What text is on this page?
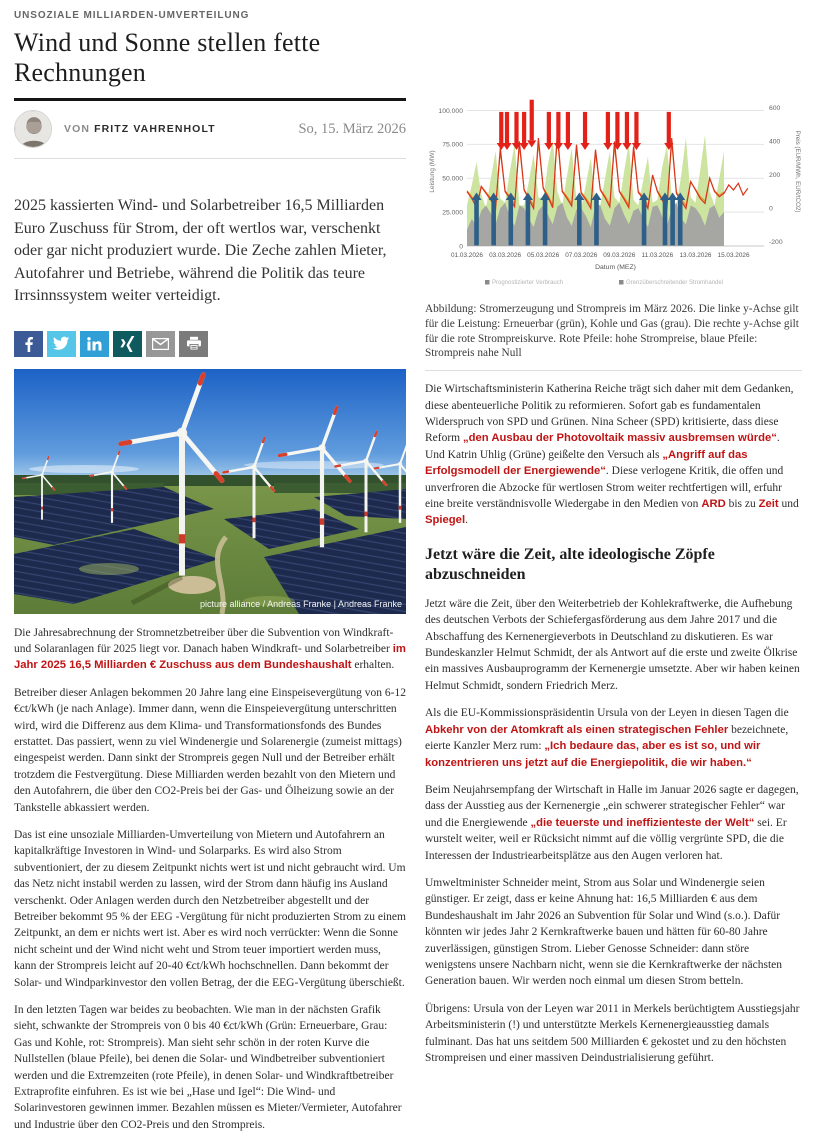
UNSOZIALE MILLIARDEN-UMVERTEILUNG
Wind und Sonne stellen fette Rechnungen
VON FRITZ VAHRENHOLT	So, 15. März 2026

2025 kassierten Wind- und Solarbetreiber 16,5 Milliarden Euro Zuschuss für Strom, der oft wertlos war, verschenkt oder gar nicht produziert wurde. Die Zeche zahlen Mieter, Autofahrer und Betriebe, während die Politik das teure Irrsinnssystem weiter verteidigt.

picture alliance / Andreas Franke | Andreas Franke

Die Jahresabrechnung der Stromnetzbetreiber über die Subvention von Windkraft- und Solaranlagen für 2025 liegt vor. Danach haben Windkraft- und Solarbetreiber im Jahr 2025 16,5 Milliarden € Zuschuss aus dem Bundeshaushalt erhalten.

Betreiber dieser Anlagen bekommen 20 Jahre lang eine Einspeisevergütung von 6-12 €ct/kWh (je nach Anlage). Immer dann, wenn die Einspeievergütung unterschritten wird, wird die Differenz aus dem Klima- und Transformationsfonds des Bundes erstattet. Das passiert, wenn zu viel Windenergie und Solarenergie (zumeist mittags) eingespeist werden. Dann sinkt der Strompreis gegen Null und der Betreiber erhält trotzdem die Festvergütung. Diese Milliarden werden bezahlt von den Mietern und den Autofahrern, die über den CO2-Preis bei der Gas- und Ölheizung sowie an der Tankstelle abkassiert werden.

Das ist eine unsoziale Milliarden-Umverteilung von Mietern und Autofahrern an kapitalkräftige Investoren in Wind- und Solarparks. Es wird also Strom subventioniert, der zu diesem Zeitpunkt nichts wert ist und nicht gebraucht wird. Um das Netz nicht instabil werden zu lassen, wird der Strom dann häufig ins Ausland verschenkt. Oder Anlagen werden durch den Netzbetreiber abgestellt und der Betreiber bekommt 95 % der EEG -Vergütung für nicht produzierten Strom zu einem Zeitpunkt, an dem er nichts wert ist. Aber es wird noch verrückter: Wenn die Sonne nicht scheint und der Wind nicht weht und Strom teuer importiert werden muss, kann der Strompreis leicht auf 20-40 €ct/kWh hochschnellen. Dann bekommt der Solar- und Windparkinvestor den vollen Betrag, der die EEG-Vergütung überschießt.

In den letzten Tagen war beides zu beobachten. Wie man in der nächsten Grafik sieht, schwankte der Strompreis von 0 bis 40 €ct/kWh (Grün: Erneuerbare, Grau: Gas und Kohle, rot: Strompreis). Man sieht sehr schön in der roten Kurve die Nullstellen (blaue Pfeile), bei denen die Solar- und Windbetreiber subventioniert werden und die Extremzeiten (rote Pfeile), in denen Solar- und Windkraftbetreiber Extraprofite einfuhren. Es ist wie bei „Hase und Igel“: Die Wind- und Solarinvestoren gewinnen immer. Bezahlen müssen es Mieter/Vermieter, Autofahrer und Industrie über den CO2-Preis und den Strompreis.

0
25.000
50.000
75.000
100.000
-200
0
200
400
600
01.03.2026 03.03.2026 05.03.2026 07.03.2026 09.03.2026 11.03.2026 13.03.2026 15.03.2026
Datum (MEZ)
Leistung (MW)	Preis (EUR/MWh, EUR/tCO2)
Prognostizierter Verbrauch	Grenzüberschreitender Stromhandel
Abbildung: Stromerzeugung und Strompreis im März 2026. Die linke y-Achse gilt für die Leistung: Erneuerbar (grün), Kohle und Gas (grau). Die rechte y-Achse gilt für die rote Strompreiskurve. Rote Pfeile: hohe Strompreise, blaue Pfeile: Strompreis nahe Null

Die Wirtschaftsministerin Katherina Reiche trägt sich daher mit dem Gedanken, diese abenteuerliche Politik zu reformieren. Sofort gab es fundamentalen Widerspruch von SPD und Grünen. Nina Scheer (SPD) kritisierte, dass diese Reform „den Ausbau der Photovoltaik massiv ausbremsen würde“. Und Katrin Uhlig (Grüne) geißelte den Versuch als „Angriff auf das Erfolgsmodell der Energiewende“. Diese verlogene Kritik, die offen und unverfroren die Abzocke für wertlosen Strom weiter rechtfertigen will, erfuhr eine breite verständnisvolle Wiedergabe in den Medien von ARD bis zu Zeit und Spiegel.

Jetzt wäre die Zeit, alte ideologische Zöpfe abzuschneiden

Jetzt wäre die Zeit, über den Weiterbetrieb der Kohlekraftwerke, die Aufhebung des deutschen Verbots der Schiefergasförderung aus dem Jahre 2017 und die Abschaffung des Kernenergieverbots in Deutschland zu diskutieren. Es war Bundeskanzler Helmut Schmidt, der als Antwort auf die erste und zweite Ölkrise ein massives Ausbauprogramm der Kernenergie umsetzte. Aber wir haben keinen Helmut Schmidt, sondern Friedrich Merz.

Als die EU-Kommissionspräsidentin Ursula von der Leyen in diesen Tagen die Abkehr von der Atomkraft als einen strategischen Fehler bezeichnete, eierte Kanzler Merz rum: „Ich bedaure das, aber es ist so, und wir konzentrieren uns jetzt auf die Energiepolitik, die wir haben.“

Beim Neujahrsempfang der Wirtschaft in Halle im Januar 2026 sagte er dagegen, dass der Ausstieg aus der Kernenergie „ein schwerer strategischer Fehler“ war und die Energiewende „die teuerste und ineffizienteste der Welt“ sei. Er wurstelt weiter, weil er Rücksicht nimmt auf die völlig vergrünte SPD, die die Interessen der Industriearbeitsplätze aus den Augen verloren hat.

Umweltminister Schneider meint, Strom aus Solar und Windenergie seien günstiger. Er zeigt, dass er keine Ahnung hat: 16,5 Milliarden € aus dem Bundeshaushalt im Jahr 2026 an Subvention für Solar und Wind (s.o.). Dafür könnten wir jedes Jahr 2 Kernkraftwerke bauen und hätten für 60-80 Jahre zuverlässigen, günstigen Strom. Lieber Genosse Schneider: dann störe wenigstens unsere Nachbarn nicht, wenn sie die Kernkraftwerke der nächsten Generation bauen. Wir werden noch einmal um diesen Strom betteln.

Übrigens: Ursula von der Leyen war 2011 in Merkels berüchtigtem Ausstiegsjahr Arbeitsministerin (!) und unterstützte Merkels Kernenergieausstieg damals fulminant. Das hat uns seitdem 500 Milliarden € gekostet und zu den höchsten Strompreisen und einer massiven Deindustrialisierung geführt.
